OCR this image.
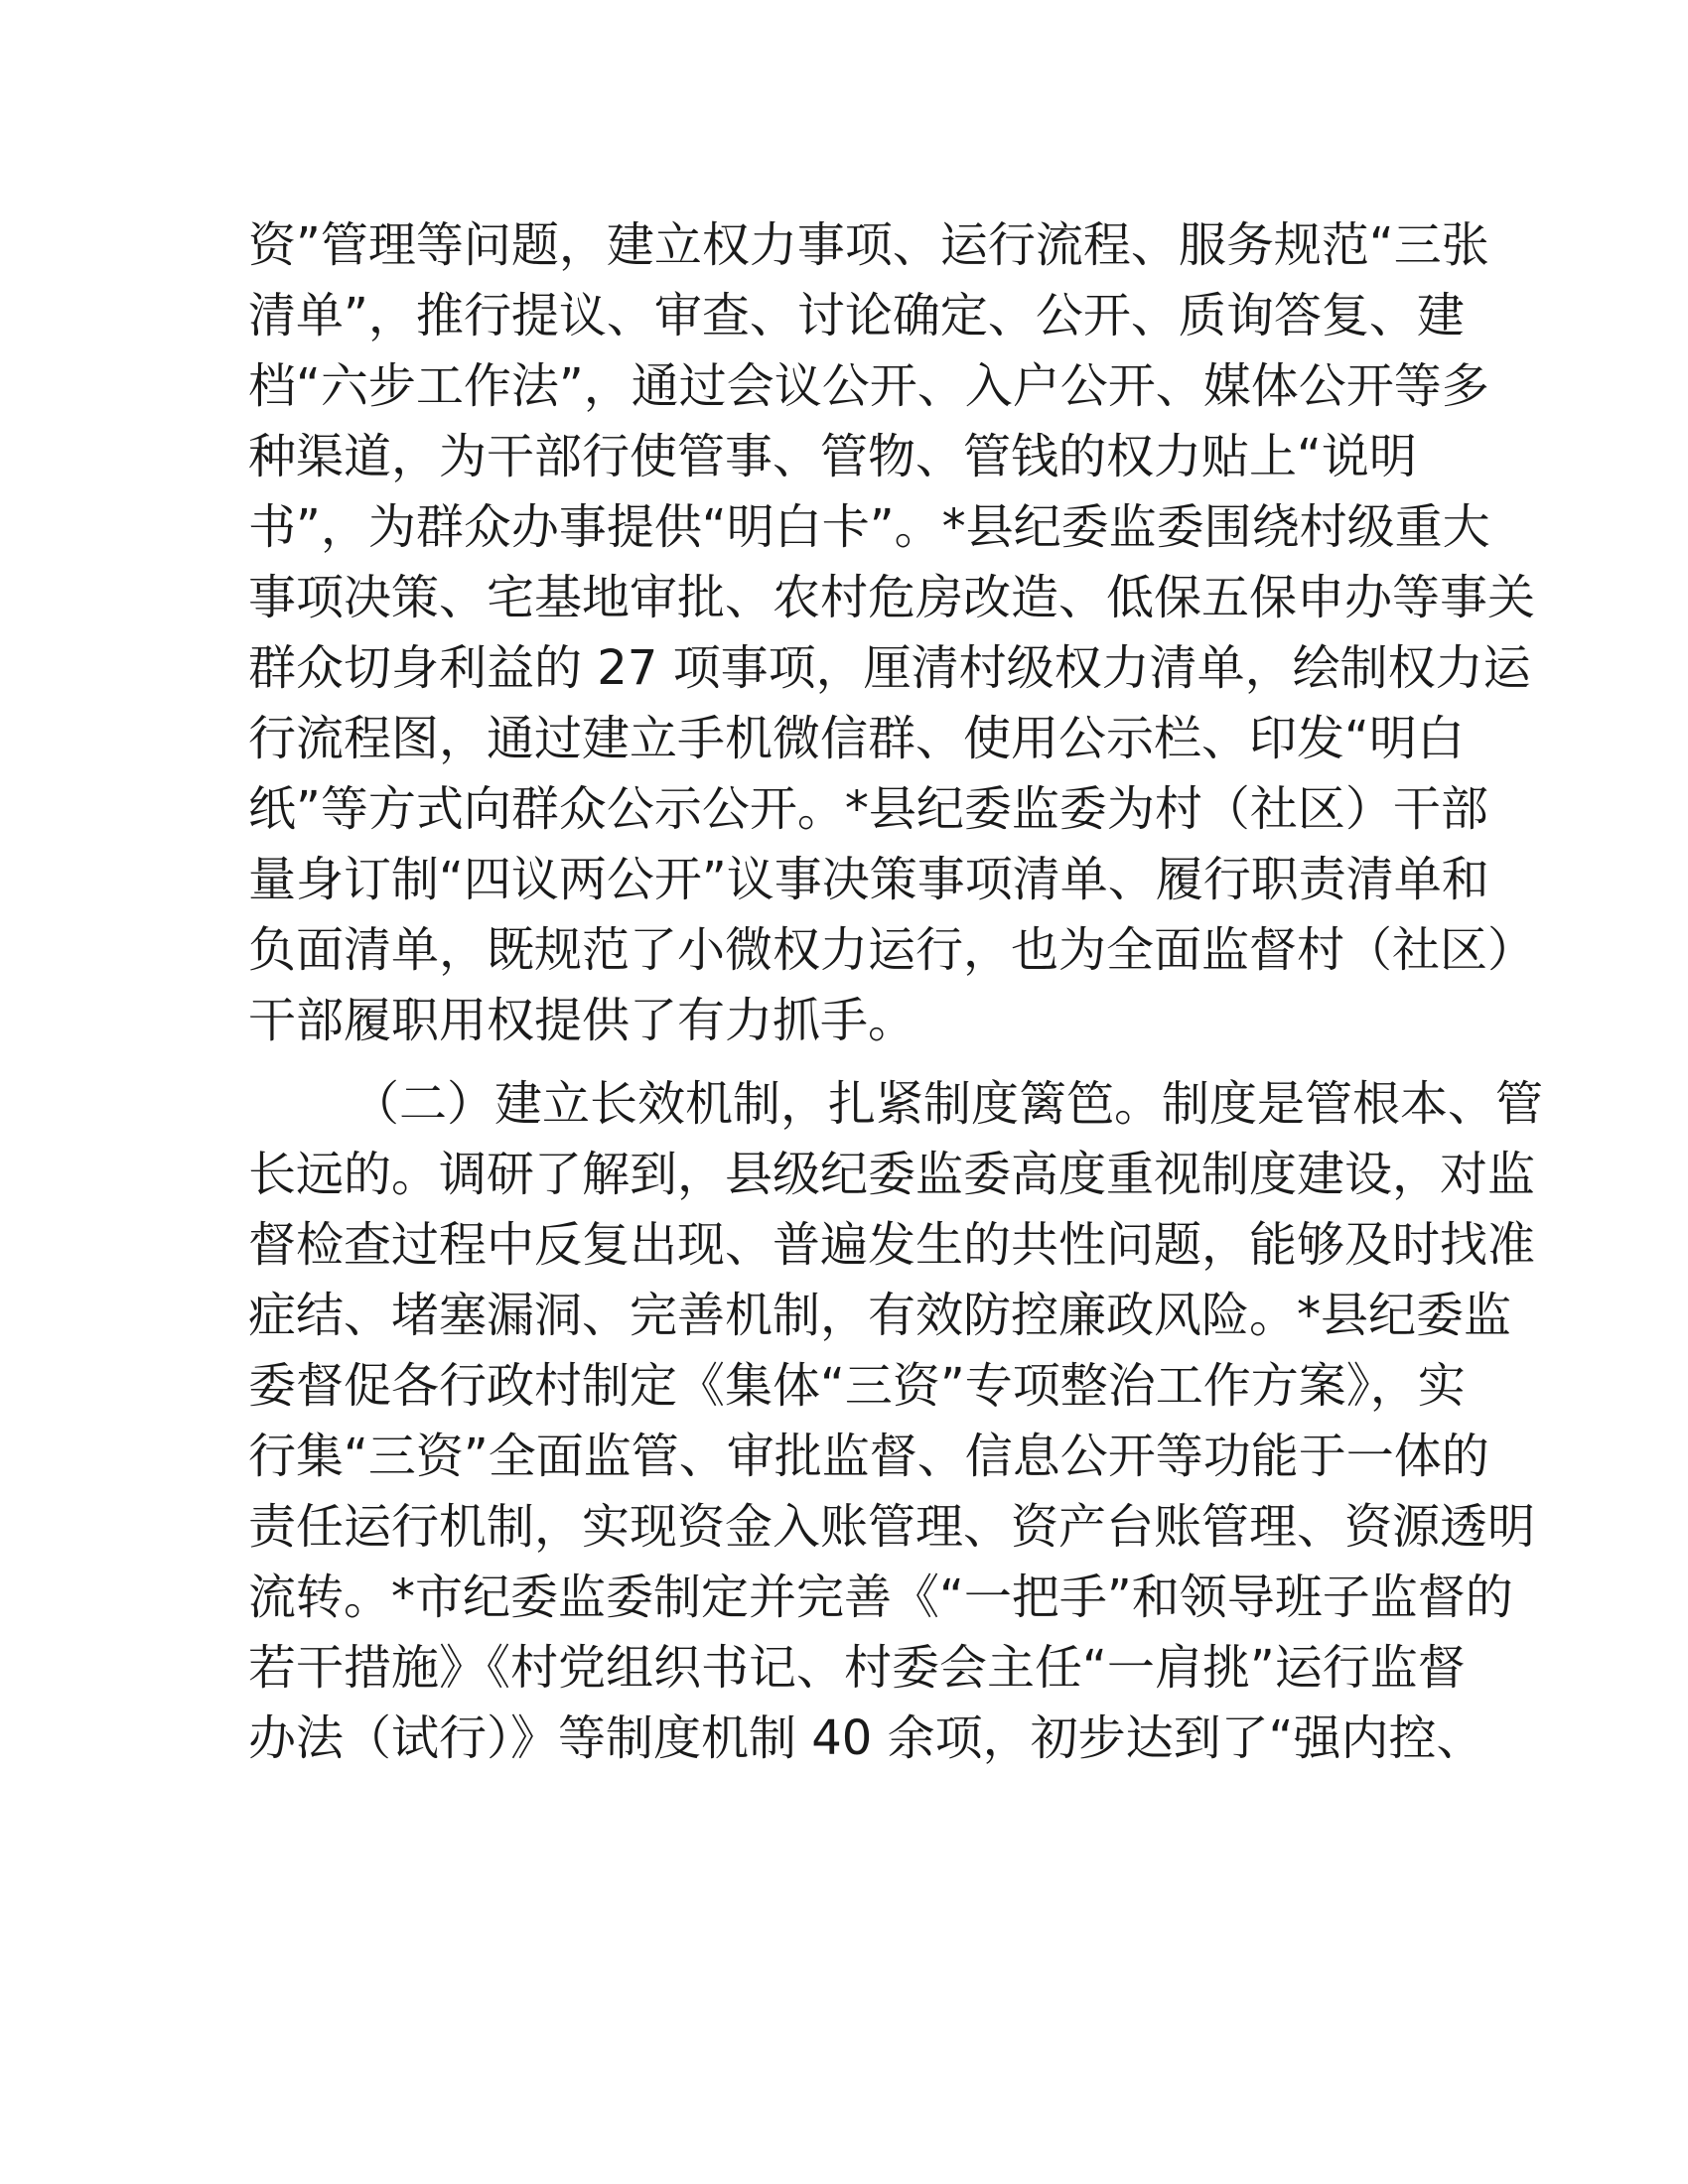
资”管理等问题，建立权力事项、运行流程、服务规范“三张
清单”，推行提议、审查、讨论确定、公开、质询答复、建
档“六步工作法”，通过会议公开、入户公开、媒体公开等多
种渠道，为干部行使管事、管物、管钱的权力贴上“说明
书”，为群众办事提供“明白卡”。*县纪委监委围绕村级重大
事项决策、宅基地审批、农村危房改造、低保五保申办等事关
群众切身利益的 27 项事项，厘清村级权力清单，绘制权力运
行流程图，通过建立手机微信群、使用公示栏、印发“明白
纸”等方式向群众公示公开。*县纪委监委为村（社区）干部
量身订制“四议两公开”议事决策事项清单、履行职责清单和
负面清单，既规范了小微权力运行，也为全面监督村（社区）
干部履职用权提供了有力抓手。
（二）建立长效机制，扎紧制度篱笆。制度是管根本、管
长远的。调研了解到，县级纪委监委高度重视制度建设，对监
督检查过程中反复出现、普遍发生的共性问题，能够及时找准
症结、堵塞漏洞、完善机制，有效防控廉政风险。*县纪委监
委督促各行政村制定《集体“三资”专项整治工作方案》，实
行集“三资”全面监管、审批监督、信息公开等功能于一体的
责任运行机制，实现资金入账管理、资产台账管理、资源透明
流转。*市纪委监委制定并完善《“一把手”和领导班子监督的
若干措施》《村党组织书记、村委会主任“一肩挑”运行监督
办法（试行）》等制度机制 40 余项，初步达到了“强内控、
